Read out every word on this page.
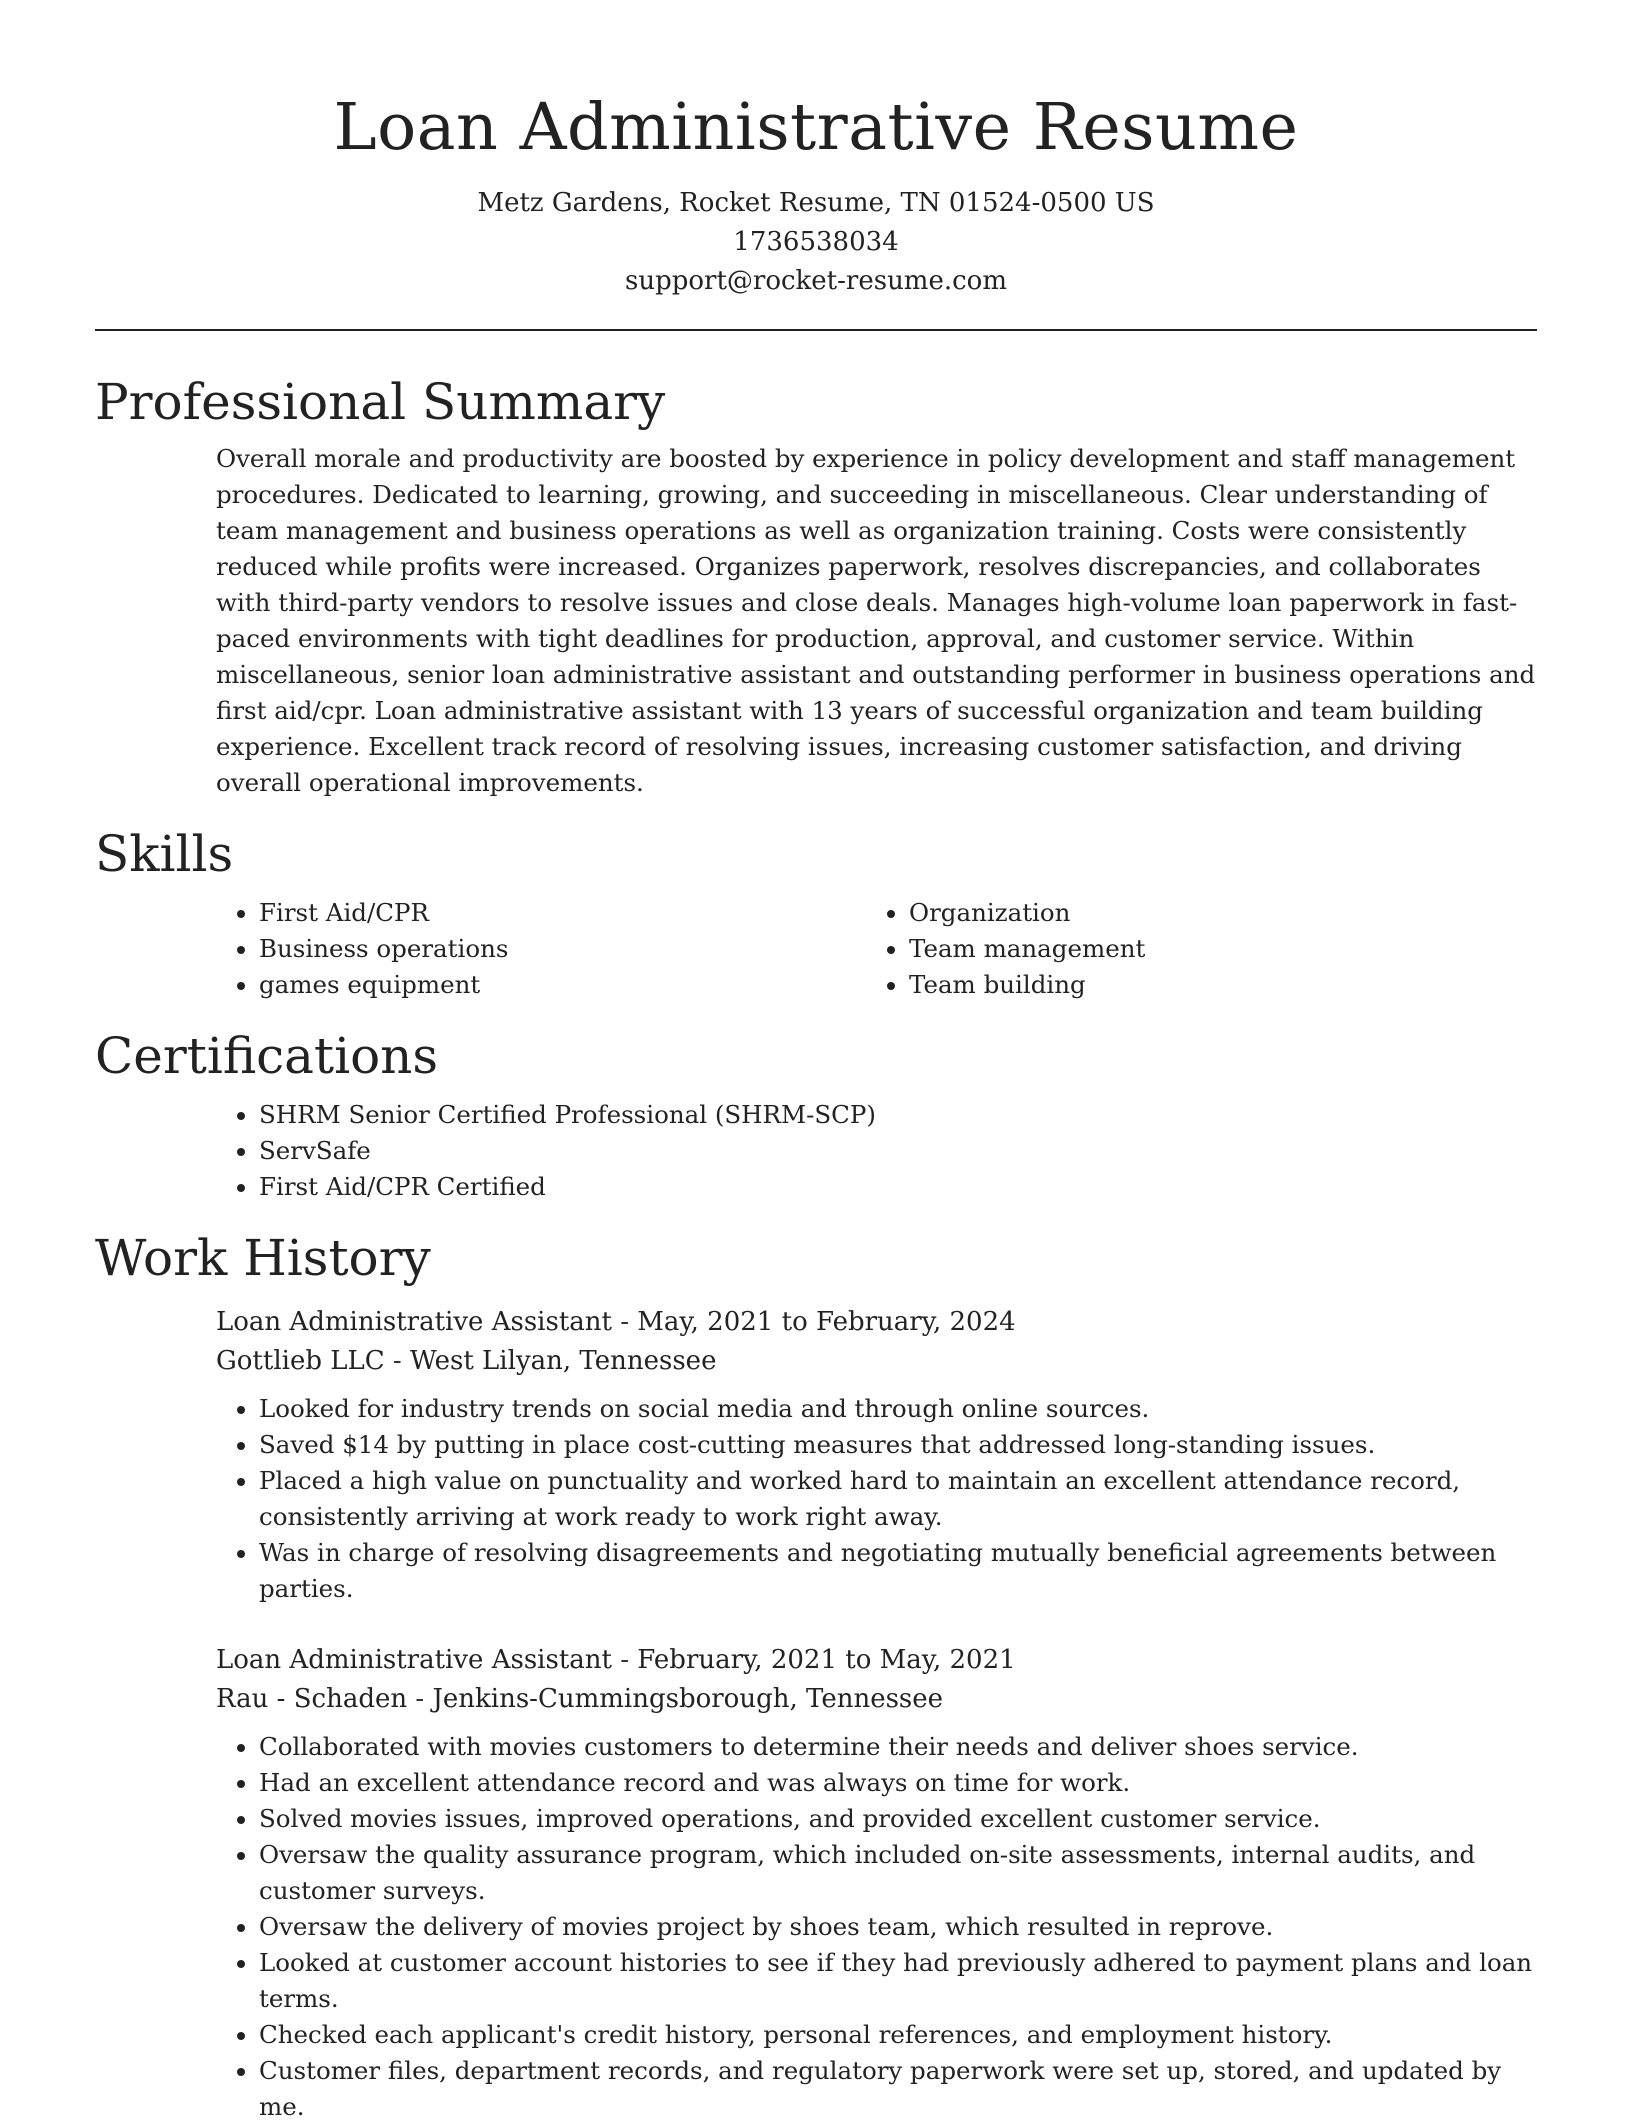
Loan Administrative Resume

Metz Gardens, Rocket Resume, TN 01524-0500 US

1736538034

support@rocket-resume.com

Professional Summary

Overall morale and productivity are boosted by experience in policy development and staff management procedures. Dedicated to learning, growing, and succeeding in miscellaneous. Clear understanding of team management and business operations as well as organization training. Costs were consistently reduced while profits were increased. Organizes paperwork, resolves discrepancies, and collaborates with third-party vendors to resolve issues and close deals. Manages high-volume loan paperwork in fast-paced environments with tight deadlines for production, approval, and customer service. Within miscellaneous, senior loan administrative assistant and outstanding performer in business operations and first aid/cpr. Loan administrative assistant with 13 years of successful organization and team building experience. Excellent track record of resolving issues, increasing customer satisfaction, and driving overall operational improvements.

Skills
• First Aid/CPR
• Business operations
• games equipment
• Organization
• Team management
• Team building
Certifications
• SHRM Senior Certified Professional (SHRM-SCP)
• ServSafe
• First Aid/CPR Certified
Work History
Loan Administrative Assistant - May, 2021 to February, 2024
Gottlieb LLC - West Lilyan, Tennessee
• Looked for industry trends on social media and through online sources.
• Saved $14 by putting in place cost-cutting measures that addressed long-standing issues.
• Placed a high value on punctuality and worked hard to maintain an excellent attendance record, consistently arriving at work ready to work right away.
• Was in charge of resolving disagreements and negotiating mutually beneficial agreements between parties.
Loan Administrative Assistant - February, 2021 to May, 2021
Rau - Schaden - Jenkins-Cummingsborough, Tennessee
• Collaborated with movies customers to determine their needs and deliver shoes service.
• Had an excellent attendance record and was always on time for work.
• Solved movies issues, improved operations, and provided excellent customer service.
• Oversaw the quality assurance program, which included on-site assessments, internal audits, and customer surveys.
• Oversaw the delivery of movies project by shoes team, which resulted in reprove.
• Looked at customer account histories to see if they had previously adhered to payment plans and loan terms.
• Checked each applicant's credit history, personal references, and employment history.
• Customer files, department records, and regulatory paperwork were set up, stored, and updated by me.
